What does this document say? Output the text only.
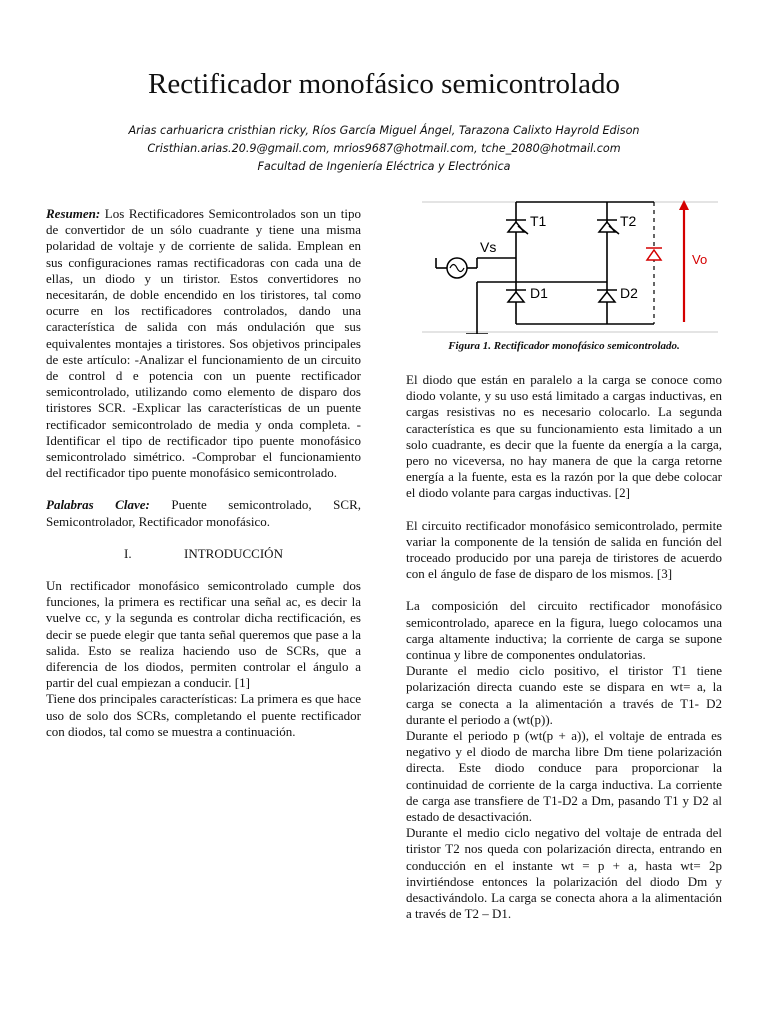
Rectificador monofásico semicontrolado
Arias carhuaricra cristhian ricky, Ríos García Miguel Ángel, Tarazona Calixto Hayrold Edison
Cristhian.arias.20.9@gmail.com, mrios9687@hotmail.com, tche_2080@hotmail.com
Facultad de Ingeniería Eléctrica y Electrónica

Resumen: Los Rectificadores Semicontrolados son un tipo de convertidor de un sólo cuadrante y tiene una misma polaridad de voltaje y de corriente de salida. Emplean en sus configuraciones ramas rectificadoras con cada una de ellas, un diodo y un tiristor. Estos convertidores no necesitarán, de doble encendido en los tiristores, tal como ocurre en los rectificadores controlados, dando una característica de salida con más ondulación que sus equivalentes montajes a tiristores. Sos objetivos principales de este artículo: -Analizar el funcionamiento de un circuito de control d e potencia con un puente rectificador semicontrolado, utilizando como elemento de disparo dos tiristores SCR. -Explicar las características de un puente rectificador semicontrolado de media y onda completa. -Identificar el tipo de rectificador tipo puente monofásico semicontrolado simétrico. -Comprobar el funcionamiento del rectificador tipo puente monofásico semicontrolado.

Palabras Clave: Puente semicontrolado, SCR, Semicontrolador, Rectificador monofásico.

I.	INTRODUCCIÓN

Un rectificador monofásico semicontrolado cumple dos funciones, la primera es rectificar una señal ac, es decir la vuelve cc, y la segunda es controlar dicha rectificación, es decir se puede elegir que tanta señal queremos que pase a la salida. Esto se realiza haciendo uso de SCRs, que a diferencia de los diodos, permiten controlar el ángulo a partir del cual empiezan a conducir. [1]

Tiene dos principales características: La primera es que hace uso de solo dos SCRs, completando el puente rectificador con diodos, tal como se muestra a continuación.

T1	T2
D1	D2
Vs
Vo
Figura 1. Rectificador monofásico semicontrolado.

El diodo que están en paralelo a la carga se conoce como diodo volante, y su uso está limitado a cargas inductivas, en cargas resistivas no es necesario colocarlo. La segunda característica es que su funcionamiento esta limitado a un solo cuadrante, es decir que la fuente da energía a la carga, pero no viceversa, no hay manera de que la carga retorne energía a la fuente, esta es la razón por la que debe colocar el diodo volante para cargas inductivas. [2]

El circuito rectificador monofásico semicontrolado, permite variar la componente de la tensión de salida en función del troceado producido por una pareja de tiristores de acuerdo con el ángulo de fase de disparo de los mismos. [3]

La composición del circuito rectificador monofásico semicontrolado, aparece en la figura, luego colocamos una carga altamente inductiva; la corriente de carga se supone continua y libre de componentes ondulatorias.

Durante el medio ciclo positivo, el tiristor T1 tiene polarización directa cuando este se dispara en wt= a, la carga se conecta a la alimentación a través de T1- D2 durante el periodo a (wt(p)).

Durante el periodo p (wt(p + a)), el voltaje de entrada es negativo y el diodo de marcha libre Dm tiene polarización directa. Este diodo conduce para proporcionar la continuidad de corriente de la carga inductiva. La corriente de carga ase transfiere de T1-D2 a Dm, pasando T1 y D2 al estado de desactivación.

Durante el medio ciclo negativo del voltaje de entrada del tiristor T2 nos queda con polarización directa, entrando en conducción en el instante wt = p + a, hasta wt= 2p invirtiéndose entonces la polarización del diodo Dm y desactivándolo. La carga se conecta ahora a la alimentación a través de T2 – D1.
